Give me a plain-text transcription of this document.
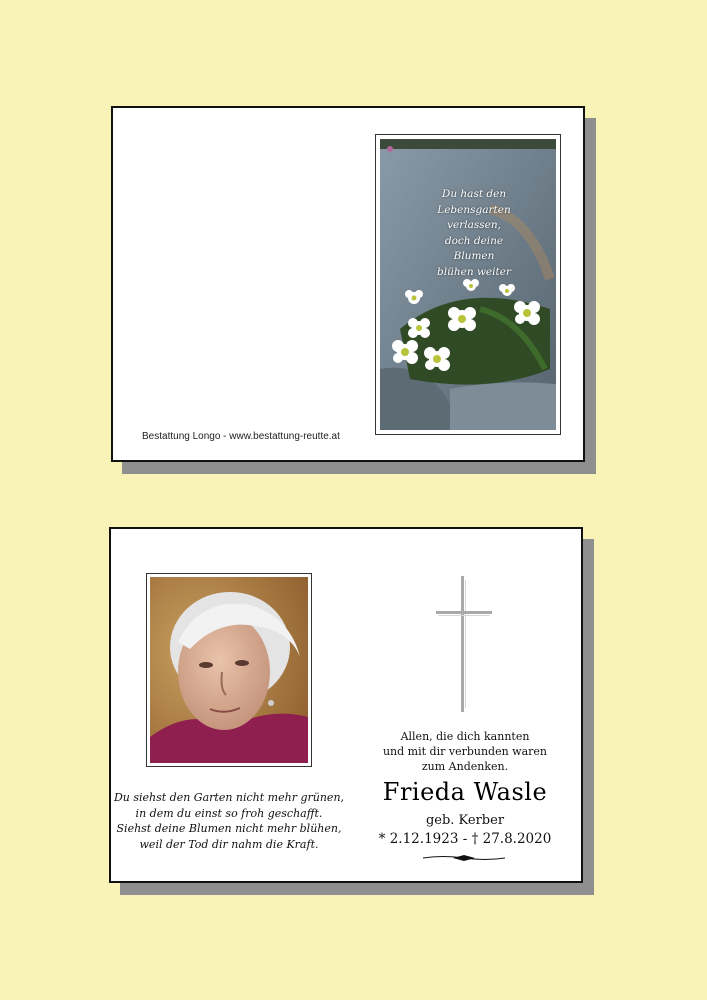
Du hast den
Lebensgarten
verlassen,
doch deine
Blumen
blühen weiter
Bestattung Longo - www.bestattung-reutte.at
Du siehst den Garten nicht mehr grünen,
in dem du einst so froh geschafft.
Siehst deine Blumen nicht mehr blühen,
weil der Tod dir nahm die Kraft.
Allen, die dich kannten
und mit dir verbunden waren
zum Andenken.
Frieda Wasle
geb. Kerber
* 2.12.1923 - † 27.8.2020
